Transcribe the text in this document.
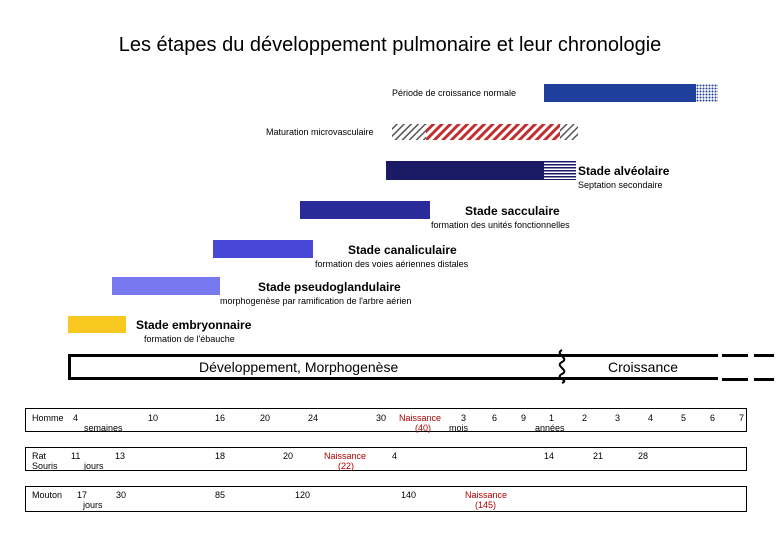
Les étapes du développement pulmonaire et leur chronologie
Période de croissance normale
Maturation microvasculaire
Stade alvéolaire
Septation secondaire
Stade sacculaire
formation des unités fonctionnelles
Stade canaliculaire
formation des voies aériennes distales
Stade pseudoglandulaire
morphogenèse par ramification de l'arbre aérien
Stade embryonnaire
formation de l'ébauche
Développement, Morphogenèse	Croissance
Homme 4
semaines
10	16	20	24	30 Naissance
(40)
3
mois
6	9	1
années
2	3	4	5	6	7
Rat
Souris
11
jours
13	18	20	Naissance
(22)
4	14	21	28
Mouton 17
jours
30	85	120	140	Naissance
(145)
